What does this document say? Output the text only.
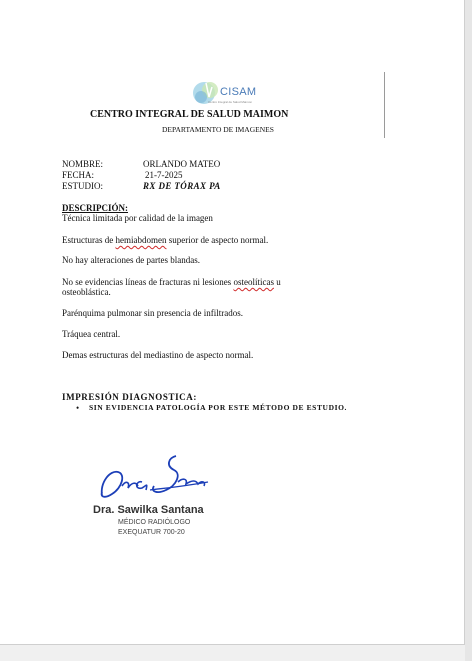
CISAM
Centro Integral de Salud Maimon
CENTRO INTEGRAL DE SALUD MAIMON
DEPARTAMENTO DE IMAGENES
NOMBRE:	ORLANDO MATEO
FECHA:	21-7-2025
ESTUDIO:	RX DE TÓRAX PA
DESCRIPCIÓN:
Técnica limitada por calidad de la imagen
Estructuras de hemiabdomen superior de aspecto normal.
No hay alteraciones de partes blandas.
No se evidencias líneas de fracturas ni lesiones osteolíticas u
osteoblástica.
Parénquima pulmonar sin presencia de infiltrados.
Tráquea central.
Demas estructuras del mediastino de aspecto normal.
IMPRESIÓN DIAGNOSTICA:
• SIN EVIDENCIA PATOLOGÍA POR ESTE MÉTODO DE ESTUDIO.
Dra. Sawilka Santana
MÉDICO RADIÓLOGO
EXEQUATUR 700-20
